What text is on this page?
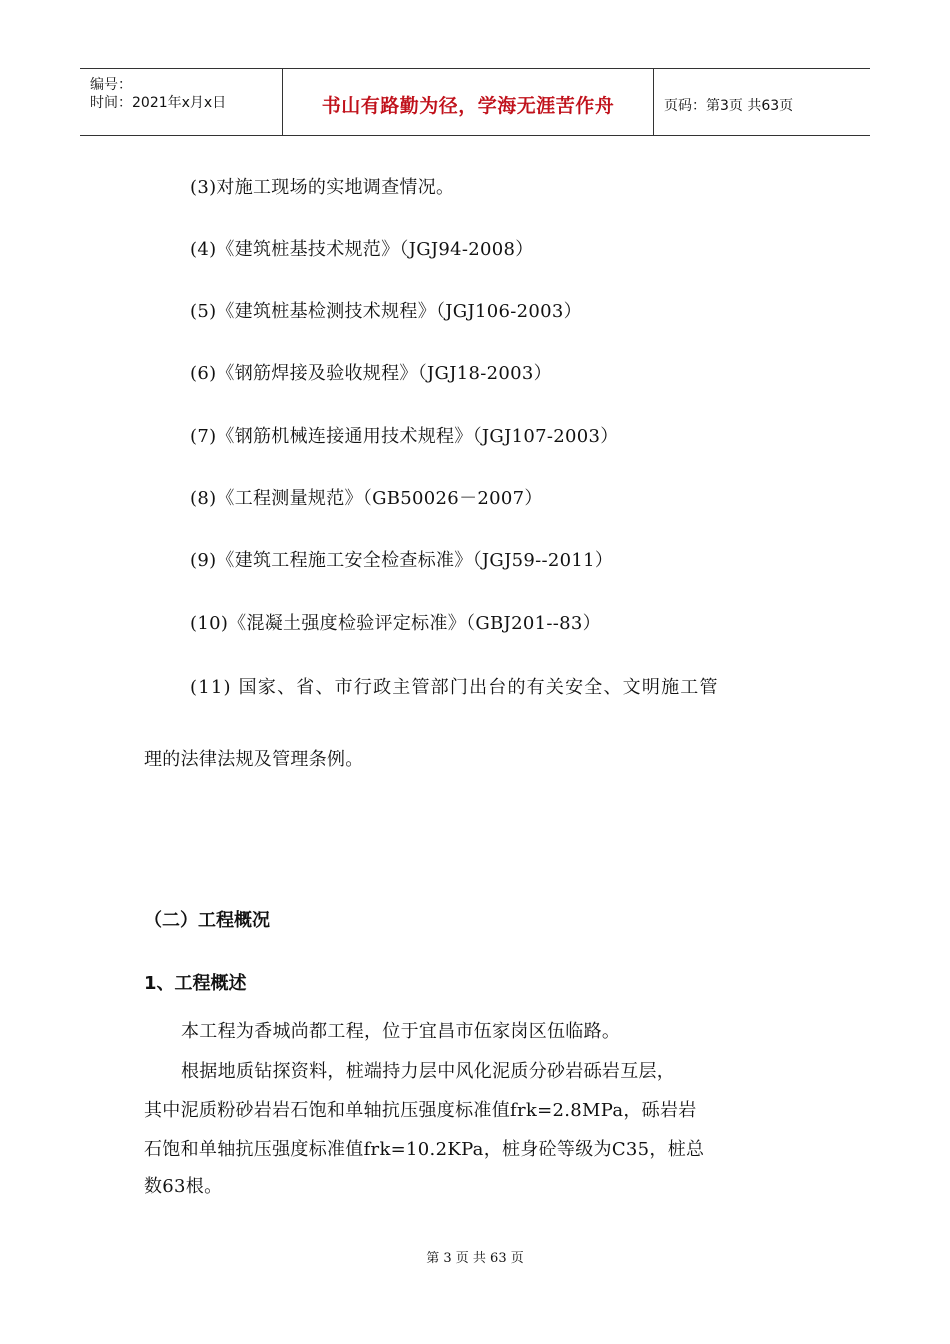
编号：
时间：2021年x月x日	书山有路勤为径，学海无涯苦作舟	页码：第3页 共63页
(3)对施工现场的实地调查情况。
(4)《建筑桩基技术规范》（JGJ94-2008）
(5)《建筑桩基检测技术规程》（JGJ106-2003）
(6)《钢筋焊接及验收规程》（JGJ18-2003）
(7)《钢筋机械连接通用技术规程》（JGJ107-2003）
(8)《工程测量规范》（GB50026－2007）
(9)《建筑工程施工安全检查标准》（JGJ59--2011）
(10)《混凝土强度检验评定标准》（GBJ201--83）
(11) 国家、省、市行政主管部门出台的有关安全、文明施工管
理的法律法规及管理条例。
（二）工程概况
1、工程概述
本工程为香城尚都工程，位于宜昌市伍家岗区伍临路。
根据地质钻探资料，桩端持力层中风化泥质分砂岩砾岩互层，
其中泥质粉砂岩岩石饱和单轴抗压强度标准值frk=2.8MPa，砾岩岩
石饱和单轴抗压强度标准值frk=10.2KPa，桩身砼等级为C35，桩总
数63根。
第 3 页 共 63 页
